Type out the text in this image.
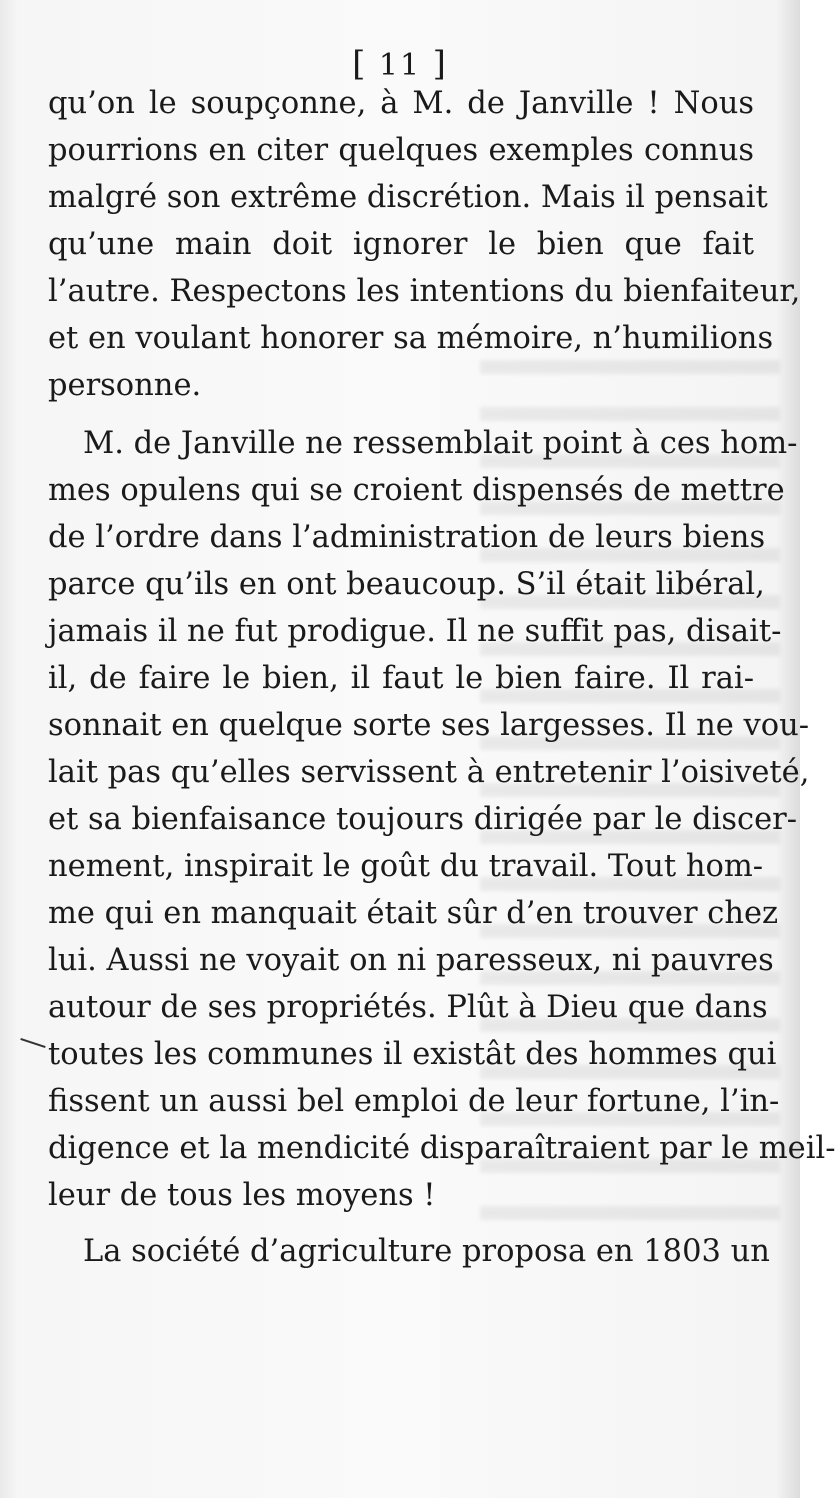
[ 11 ]
qu’on le soupçonne, à M. de Janville ! Nous
pourrions en citer quelques exemples connus
malgré son extrême discrétion. Mais il pensait
qu’une main doit ignorer le bien que fait
l’autre. Respectons les intentions du bienfaiteur,
et en voulant honorer sa mémoire, n’humilions
personne.
M. de Janville ne ressemblait point à ces hom-
mes opulens qui se croient dispensés de mettre
de l’ordre dans l’administration de leurs biens
parce qu’ils en ont beaucoup. S’il était libéral,
jamais il ne fut prodigue. Il ne suffit pas, disait-
il, de faire le bien, il faut le bien faire. Il rai-
sonnait en quelque sorte ses largesses. Il ne vou-
lait pas qu’elles servissent à entretenir l’oisiveté,
et sa bienfaisance toujours dirigée par le discer-
nement, inspirait le goût du travail. Tout hom-
me qui en manquait était sûr d’en trouver chez
lui. Aussi ne voyait on ni paresseux, ni pauvres
autour de ses propriétés. Plût à Dieu que dans
toutes les communes il existât des hommes qui
fissent un aussi bel emploi de leur fortune, l’in-
digence et la mendicité disparaîtraient par le meil-
leur de tous les moyens !
La société d’agriculture proposa en 1803 un
